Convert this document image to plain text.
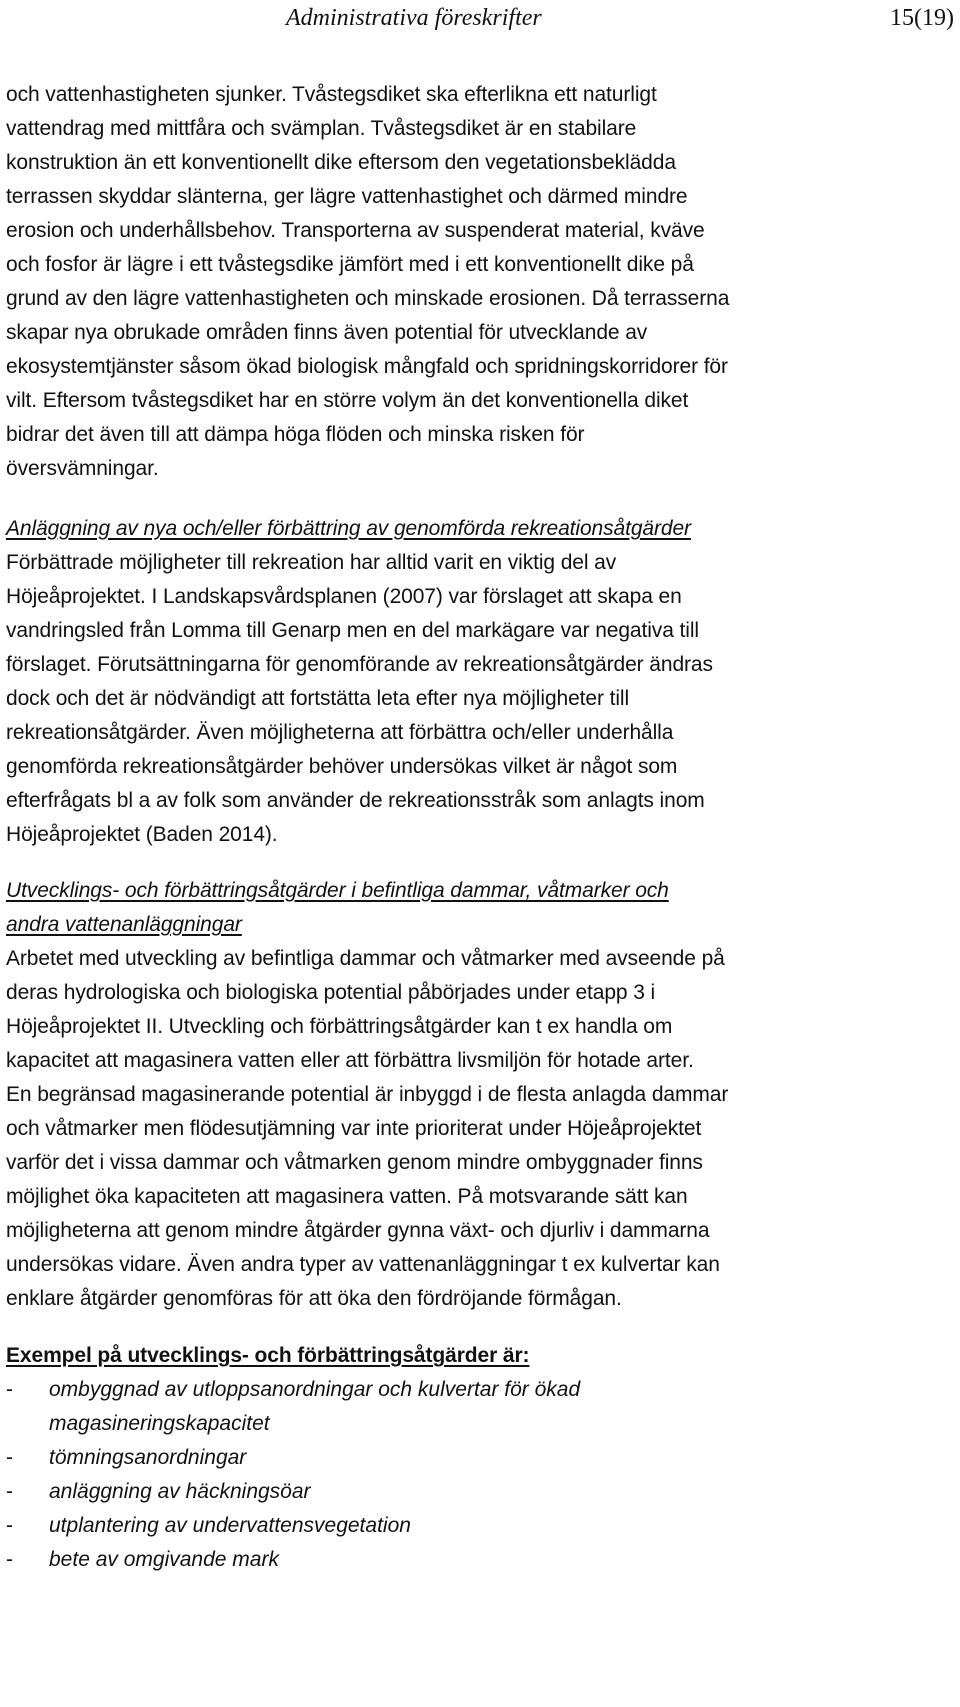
Administrativa föreskrifter	15(19)
och vattenhastigheten sjunker. Tvåstegsdiket ska efterlikna ett naturligt
vattendrag med mittfåra och svämplan. Tvåstegsdiket är en stabilare
konstruktion än ett konventionellt dike eftersom den vegetationsbeklädda
terrassen skyddar slänterna, ger lägre vattenhastighet och därmed mindre
erosion och underhållsbehov. Transporterna av suspenderat material, kväve
och fosfor är lägre i ett tvåstegsdike jämfört med i ett konventionellt dike på
grund av den lägre vattenhastigheten och minskade erosionen. Då terrasserna
skapar nya obrukade områden finns även potential för utvecklande av
ekosystemtjänster såsom ökad biologisk mångfald och spridningskorridorer för
vilt. Eftersom tvåstegsdiket har en större volym än det konventionella diket
bidrar det även till att dämpa höga flöden och minska risken för
översvämningar.
Anläggning av nya och/eller förbättring av genomförda rekreationsåtgärder
Förbättrade möjligheter till rekreation har alltid varit en viktig del av
Höjeåprojektet. I Landskapsvårdsplanen (2007) var förslaget att skapa en
vandringsled från Lomma till Genarp men en del markägare var negativa till
förslaget. Förutsättningarna för genomförande av rekreationsåtgärder ändras
dock och det är nödvändigt att fortstätta leta efter nya möjligheter till
rekreationsåtgärder. Även möjligheterna att förbättra och/eller underhålla
genomförda rekreationsåtgärder behöver undersökas vilket är något som
efterfrågats bl a av folk som använder de rekreationsstråk som anlagts inom
Höjeåprojektet (Baden 2014).
Utvecklings- och förbättringsåtgärder i befintliga dammar, våtmarker och
andra vattenanläggningar
Arbetet med utveckling av befintliga dammar och våtmarker med avseende på
deras hydrologiska och biologiska potential påbörjades under etapp 3 i
Höjeåprojektet II. Utveckling och förbättringsåtgärder kan t ex handla om
kapacitet att magasinera vatten eller att förbättra livsmiljön för hotade arter.
En begränsad magasinerande potential är inbyggd i de flesta anlagda dammar
och våtmarker men flödesutjämning var inte prioriterat under Höjeåprojektet
varför det i vissa dammar och våtmarken genom mindre ombyggnader finns
möjlighet öka kapaciteten att magasinera vatten. På motsvarande sätt kan
möjligheterna att genom mindre åtgärder gynna växt- och djurliv i dammarna
undersökas vidare. Även andra typer av vattenanläggningar t ex kulvertar kan
enklare åtgärder genomföras för att öka den fördröjande förmågan.
Exempel på utvecklings- och förbättringsåtgärder är:
- ombyggnad av utloppsanordningar och kulvertar för ökad
magasineringskapacitet
- tömningsanordningar
- anläggning av häckningsöar
- utplantering av undervattensvegetation
- bete av omgivande mark
